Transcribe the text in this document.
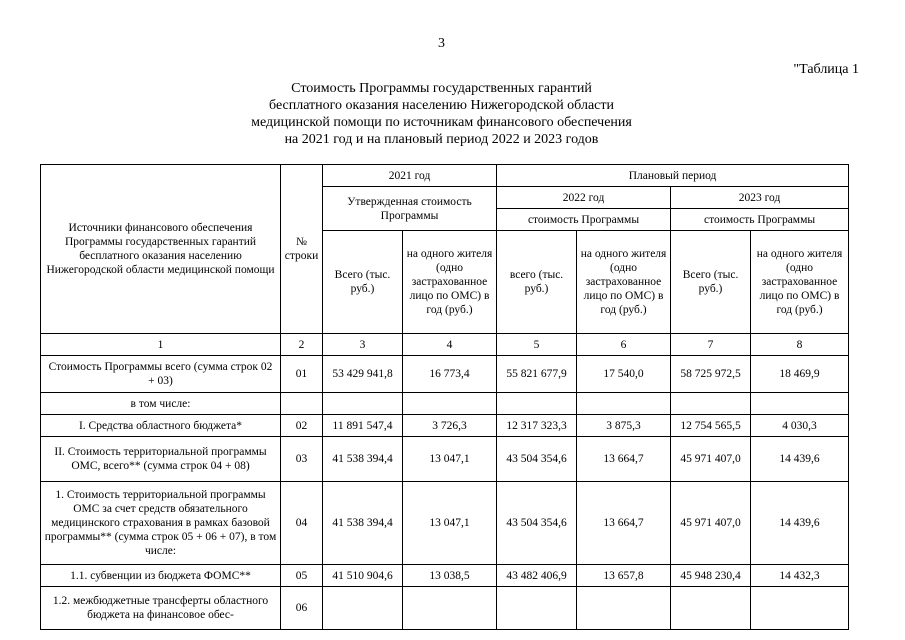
3
"Таблица 1
Стоимость Программы государственных гарантий
бесплатного оказания населению Нижегородской области
медицинской помощи по источникам финансового обеспечения
на 2021 год и на плановый период 2022 и 2023 годов
Источники финансового обеспечения Программы государственных гарантий бесплатного оказания населению Нижегородской области медицинской помощи	№ строки	2021 год		Плановый период			
		Утвержденная стоимость Программы		2022 год		2023 год	
				стоимость Программы		стоимость Программы	
		Всего (тыс. руб.)	на одного жителя (одно застрахованное лицо по ОМС) в год (руб.)	всего (тыс. руб.)	на одного жителя (одно застрахованное лицо по ОМС) в год (руб.)	Всего (тыс. руб.)	на одного жителя (одно застрахованное лицо по ОМС) в год (руб.)
1	2	3	4	5	6	7	8
Стоимость Программы всего (сумма строк 02 + 03)	01	53 429 941,8	16 773,4	55 821 677,9	17 540,0	58 725 972,5	18 469,9
в том числе:							
I. Средства областного бюджета*	02	11 891 547,4	3 726,3	12 317 323,3	3 875,3	12 754 565,5	4 030,3
II. Стоимость территориальной программы ОМС, всего** (сумма строк 04 + 08)	03	41 538 394,4	13 047,1	43 504 354,6	13 664,7	45 971 407,0	14 439,6
1. Стоимость территориальной программы ОМС за счет средств обязательного медицинского страхования в рамках базовой программы** (сумма строк 05 + 06 + 07), в том числе:	04	41 538 394,4	13 047,1	43 504 354,6	13 664,7	45 971 407,0	14 439,6
1.1. субвенции из бюджета ФОМС**	05	41 510 904,6	13 038,5	43 482 406,9	13 657,8	45 948 230,4	14 432,3
1.2. межбюджетные трансферты областного бюджета на финансовое обес-	06						
